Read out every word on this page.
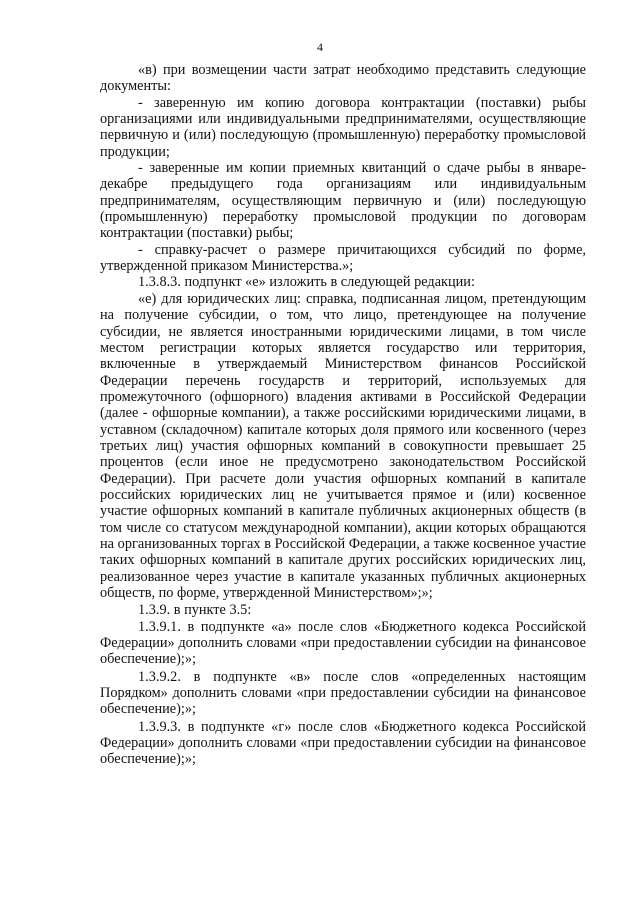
4

«в) при возмещении части затрат необходимо представить следующие документы:

- заверенную им копию договора контрактации (поставки) рыбы организациями или индивидуальными предпринимателями, осуществляющие первичную и (или) последующую (промышленную) переработку промысловой продукции;

- заверенные им копии приемных квитанций о сдаче рыбы в январе-декабре предыдущего года организациям или индивидуальным предпринимателям, осуществляющим первичную и (или) последующую (промышленную) переработку промысловой продукции по договорам контрактации (поставки) рыбы;

- справку-расчет о размере причитающихся субсидий по форме, утвержденной приказом Министерства.»;

1.3.8.3. подпункт «е» изложить в следующей редакции:

«е) для юридических лиц: справка, подписанная лицом, претендующим на получение субсидии, о том, что лицо, претендующее на получение субсидии, не является иностранными юридическими лицами, в том числе местом регистрации которых является государство или территория, включенные в утверждаемый Министерством финансов Российской Федерации перечень государств и территорий, используемых для промежуточного (офшорного) владения активами в Российской Федерации (далее - офшорные компании), а также российскими юридическими лицами, в уставном (складочном) капитале которых доля прямого или косвенного (через третьих лиц) участия офшорных компаний в совокупности превышает 25 процентов (если иное не предусмотрено законодательством Российской Федерации). При расчете доли участия офшорных компаний в капитале российских юридических лиц не учитывается прямое и (или) косвенное участие офшорных компаний в капитале публичных акционерных обществ (в том числе со статусом международной компании), акции которых обращаются на организованных торгах в Российской Федерации, а также косвенное участие таких офшорных компаний в капитале других российских юридических лиц, реализованное через участие в капитале указанных публичных акционерных обществ, по форме, утвержденной Министерством»;»;

1.3.9. в пункте 3.5:

1.3.9.1. в подпункте «а» после слов «Бюджетного кодекса Российской Федерации» дополнить словами «при предоставлении субсидии на финансовое обеспечение);»;

1.3.9.2. в подпункте «в» после слов «определенных настоящим Порядком» дополнить словами «при предоставлении субсидии на финансовое обеспечение);»;

1.3.9.3. в подпункте «г» после слов «Бюджетного кодекса Российской Федерации» дополнить словами «при предоставлении субсидии на финансовое обеспечение);»;
